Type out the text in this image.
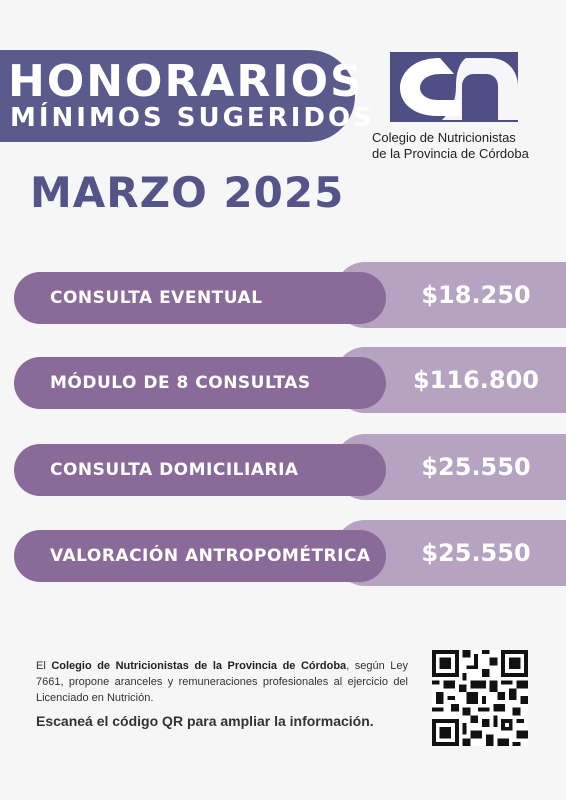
HONORARIOS
MÍNIMOS SUGERIDOS
Colegio de Nutricionistas
de la Provincia de Córdoba
MARZO 2025
CONSULTA EVENTUAL	$18.250
MÓDULO DE 8 CONSULTAS	$116.800
CONSULTA DOMICILIARIA	$25.550
VALORACIÓN ANTROPOMÉTRICA	$25.550
El Colegio de Nutricionistas de la Provincia de Córdoba, según Ley 7661, propone aranceles y remuneraciones profesionales al ejercicio del Licenciado en Nutrición.
Escaneá el código QR para ampliar la información.
